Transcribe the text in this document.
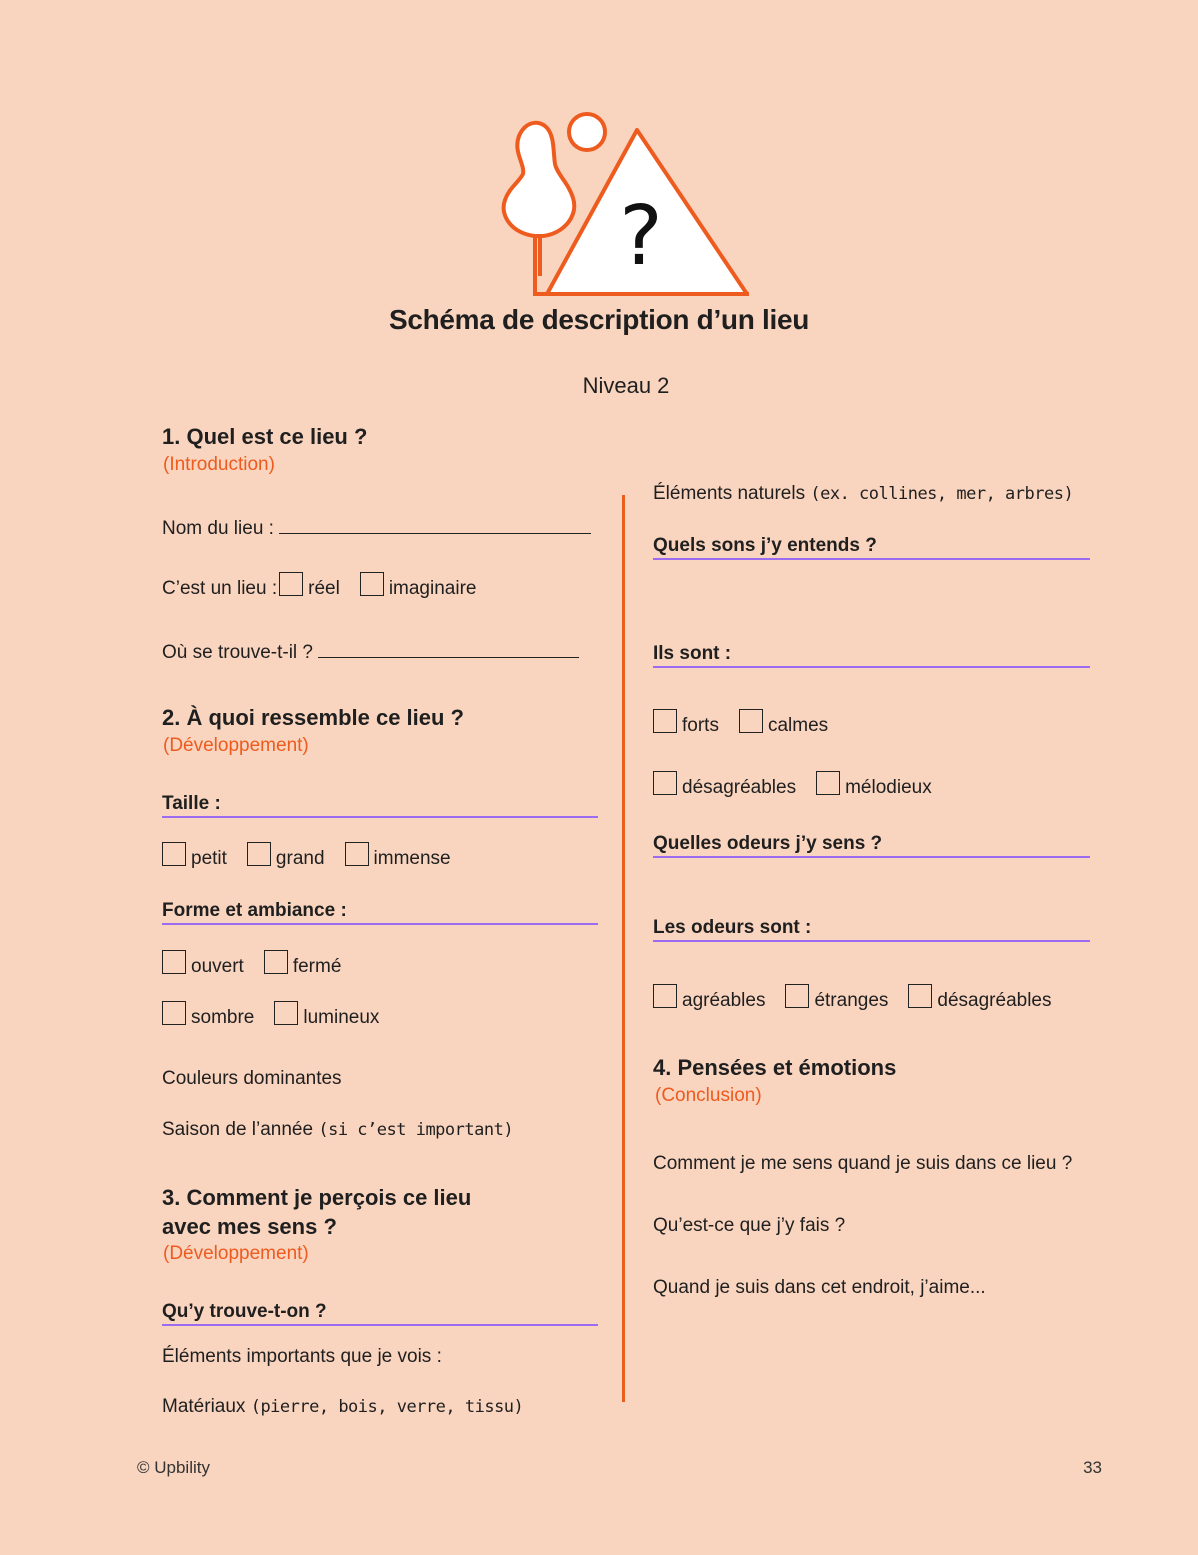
?
Schéma de description d’un lieu
Niveau 2
1. Quel est ce lieu ?
(Introduction)
Nom du lieu :
C’est un lieu : réel	imaginaire
Où se trouve-t-il ?
2. À quoi ressemble ce lieu ?
(Développement)
Taille :
petit	grand	immense
Forme et ambiance :
ouvert	fermé
sombre	lumineux
Couleurs dominantes
Saison de l’année (si c’est important)
3. Comment je perçois ce lieu
avec mes sens ?
(Développement)
Qu’y trouve-t-on ?
Éléments importants que je vois :
Matériaux (pierre, bois, verre, tissu)
Éléments naturels (ex. collines, mer, arbres)
Quels sons j’y entends ?
Ils sont :
forts	calmes
désagréables	mélodieux
Quelles odeurs j’y sens ?
Les odeurs sont :
agréables	étranges	désagréables
4. Pensées et émotions
(Conclusion)
Comment je me sens quand je suis dans ce lieu ?
Qu’est-ce que j’y fais ?
Quand je suis dans cet endroit, j’aime...
© Upbility	33
